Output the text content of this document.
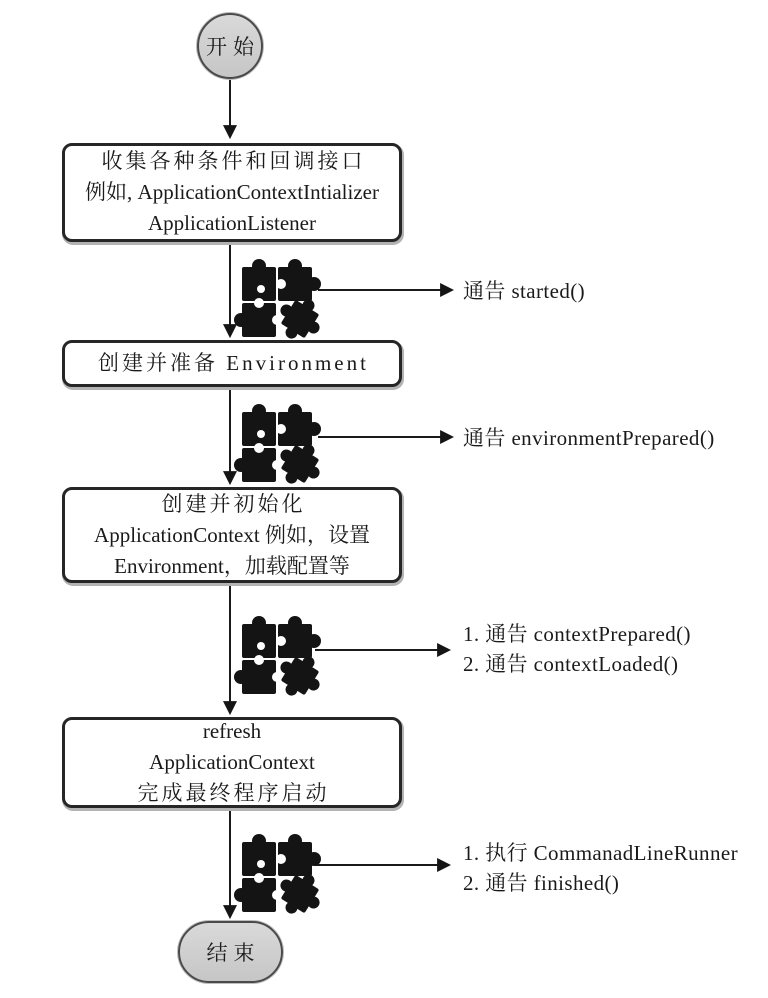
开始
收集各种条件和回调接口
例如, ApplicationContextIntializer
ApplicationListener
创建并准备 Environment
创建并初始化
ApplicationContext 例如，设置
Environment，加载配置等
refresh
ApplicationContext
完成最终程序启动
通告 started()
通告 environmentPrepared()
1. 通告 contextPrepared()
2. 通告 contextLoaded()
1. 执行 CommanadLineRunner
2. 通告 finished()
结束
